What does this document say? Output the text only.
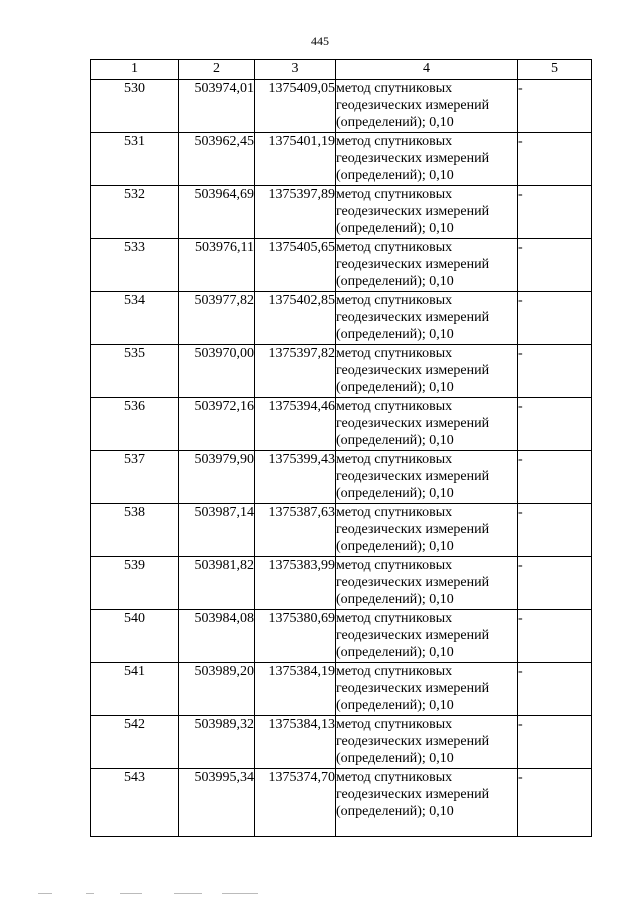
445
1	2	3	4	5
530	503974,01	1375409,05	метод спутниковых геодезических измерений (определений); 0,10	-
531	503962,45	1375401,19	метод спутниковых геодезических измерений (определений); 0,10	-
532	503964,69	1375397,89	метод спутниковых геодезических измерений (определений); 0,10	-
533	503976,11	1375405,65	метод спутниковых геодезических измерений (определений); 0,10	-
534	503977,82	1375402,85	метод спутниковых геодезических измерений (определений); 0,10	-
535	503970,00	1375397,82	метод спутниковых геодезических измерений (определений); 0,10	-
536	503972,16	1375394,46	метод спутниковых геодезических измерений (определений); 0,10	-
537	503979,90	1375399,43	метод спутниковых геодезических измерений (определений); 0,10	-
538	503987,14	1375387,63	метод спутниковых геодезических измерений (определений); 0,10	-
539	503981,82	1375383,99	метод спутниковых геодезических измерений (определений); 0,10	-
540	503984,08	1375380,69	метод спутниковых геодезических измерений (определений); 0,10	-
541	503989,20	1375384,19	метод спутниковых геодезических измерений (определений); 0,10	-
542	503989,32	1375384,13	метод спутниковых геодезических измерений (определений); 0,10	-
543	503995,34	1375374,70	метод спутниковых геодезических измерений (определений); 0,10	-
